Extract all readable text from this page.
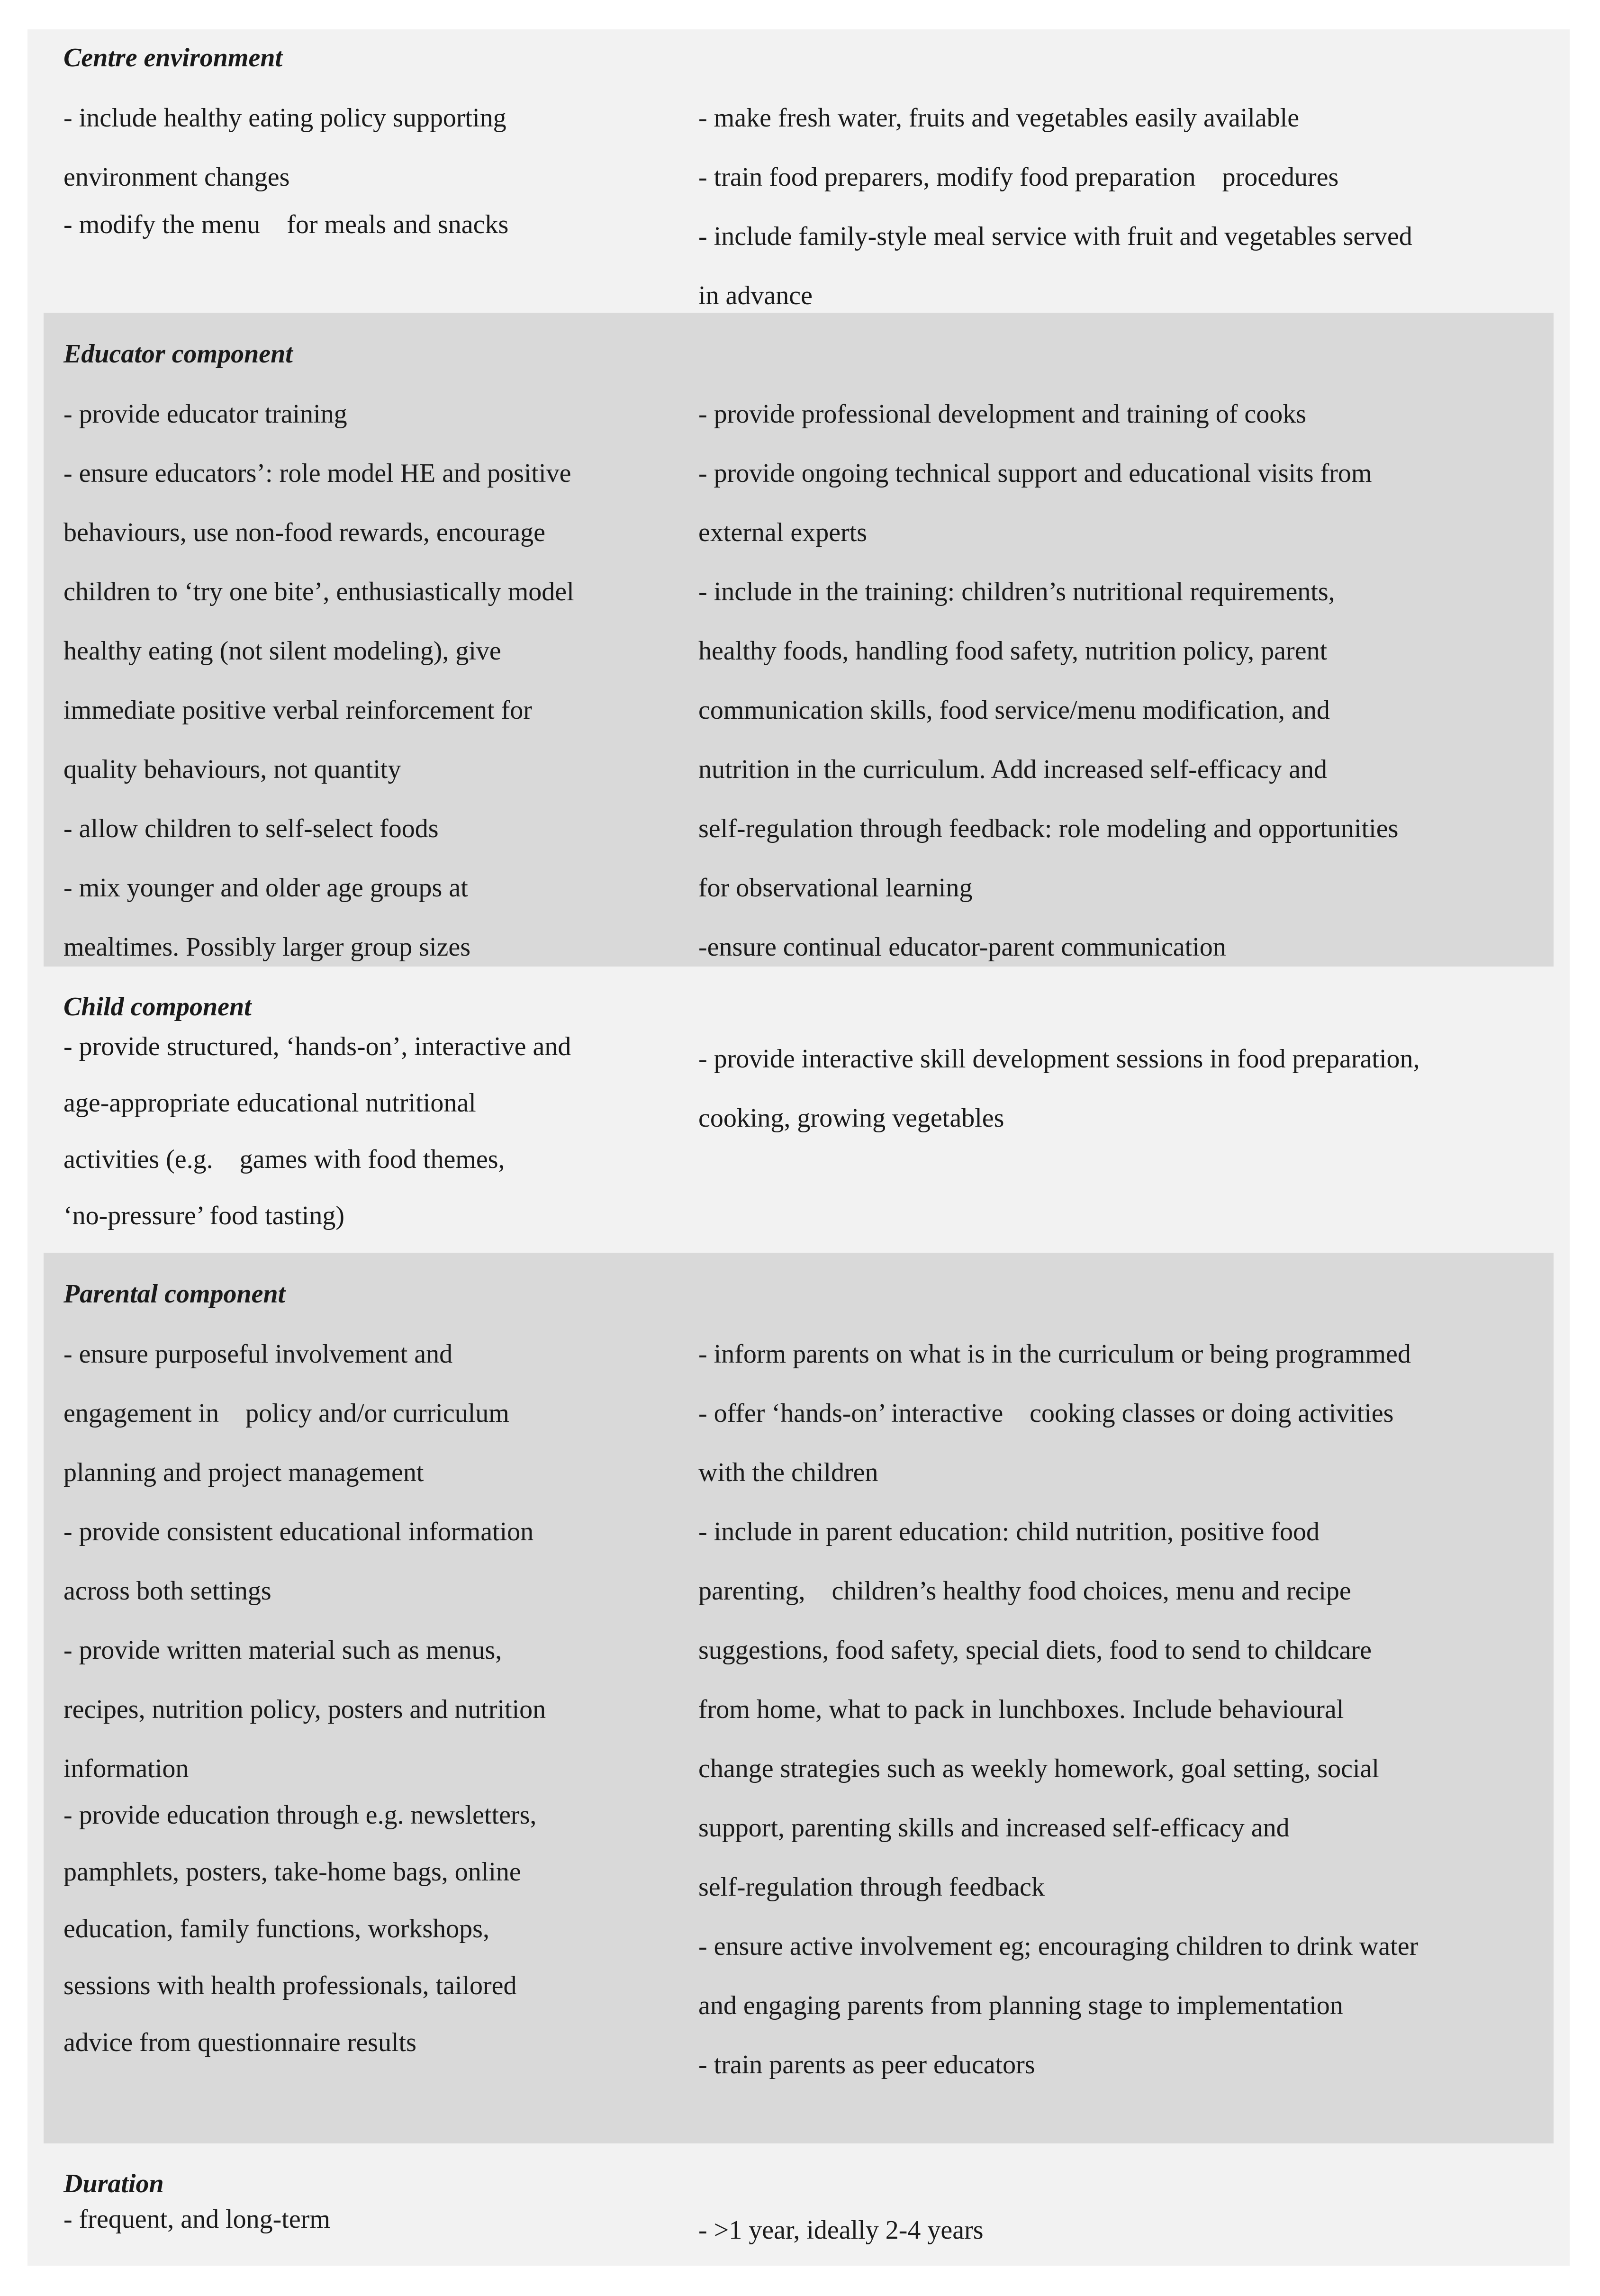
Centre environment
- include healthy eating policy supporting
environment changes
- modify the menu    for meals and snacks
- make fresh water, fruits and vegetables easily available
- train food preparers, modify food preparation    procedures
- include family-style meal service with fruit and vegetables served
in advance
Educator component
- provide educator training
- ensure educators’: role model HE and positive
behaviours, use non-food rewards, encourage
children to ‘try one bite’, enthusiastically model
healthy eating (not silent modeling), give
immediate positive verbal reinforcement for
quality behaviours, not quantity
- allow children to self-select foods
- mix younger and older age groups at
mealtimes. Possibly larger group sizes
- provide professional development and training of cooks
- provide ongoing technical support and educational visits from
external experts
- include in the training: children’s nutritional requirements,
healthy foods, handling food safety, nutrition policy, parent
communication skills, food service/menu modification, and
nutrition in the curriculum. Add increased self-efficacy and
self-regulation through feedback: role modeling and opportunities
for observational learning
-ensure continual educator-parent communication
Child component
- provide structured, ‘hands-on’, interactive and
age-appropriate educational nutritional
activities (e.g.    games with food themes,
‘no-pressure’ food tasting)
- provide interactive skill development sessions in food preparation,
cooking, growing vegetables
Parental component
- ensure purposeful involvement and
engagement in    policy and/or curriculum
planning and project management
- provide consistent educational information
across both settings
- provide written material such as menus,
recipes, nutrition policy, posters and nutrition
information
- provide education through e.g. newsletters,
pamphlets, posters, take-home bags, online
education, family functions, workshops,
sessions with health professionals, tailored
advice from questionnaire results
- inform parents on what is in the curriculum or being programmed
- offer ‘hands-on’ interactive    cooking classes or doing activities
with the children
- include in parent education: child nutrition, positive food
parenting,    children’s healthy food choices, menu and recipe
suggestions, food safety, special diets, food to send to childcare
from home, what to pack in lunchboxes. Include behavioural
change strategies such as weekly homework, goal setting, social
support, parenting skills and increased self-efficacy and
self-regulation through feedback
- ensure active involvement eg; encouraging children to drink water
and engaging parents from planning stage to implementation
- train parents as peer educators
Duration
- frequent, and long-term	- >1 year, ideally 2-4 years
